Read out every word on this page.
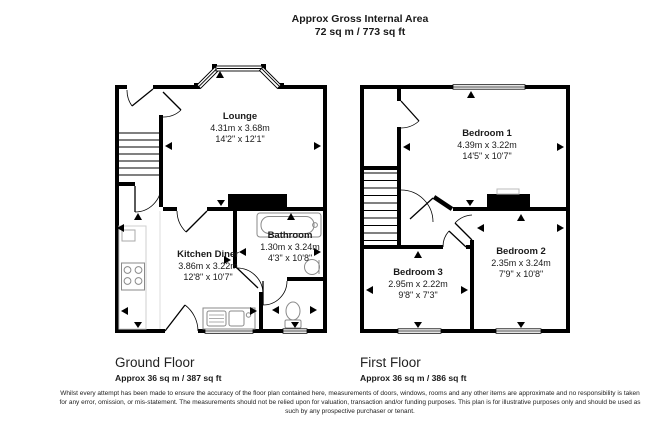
Approx Gross Internal Area
72 sq m / 773 sq ft
Lounge
4.31m x 3.68m
14'2" x 12'1"
Kitchen Diner
3.86m x 3.22m
12'8" x 10'7"
Bathroom
1.30m x 3.24m
4'3" x 10'8"
Bedroom 1
4.39m x 3.22m
14'5" x 10'7"
Bedroom 2
2.35m x 3.24m
7'9" x 10'8"
Bedroom 3
2.95m x 2.22m
9'8" x 7'3"
Ground Floor
Approx 36 sq m / 387 sq ft
First Floor
Approx 36 sq m / 386 sq ft
Whilst every attempt has been made to ensure the accuracy of the floor plan contained here, measurements of doors, windows, rooms and any other items are approximate and no responsibility is taken for any error, omission, or mis-statement. The measurements should not be relied upon for valuation, transaction and/or funding purposes. This plan is for illustrative purposes only and should be used as such by any prospective purchaser or tenant.
